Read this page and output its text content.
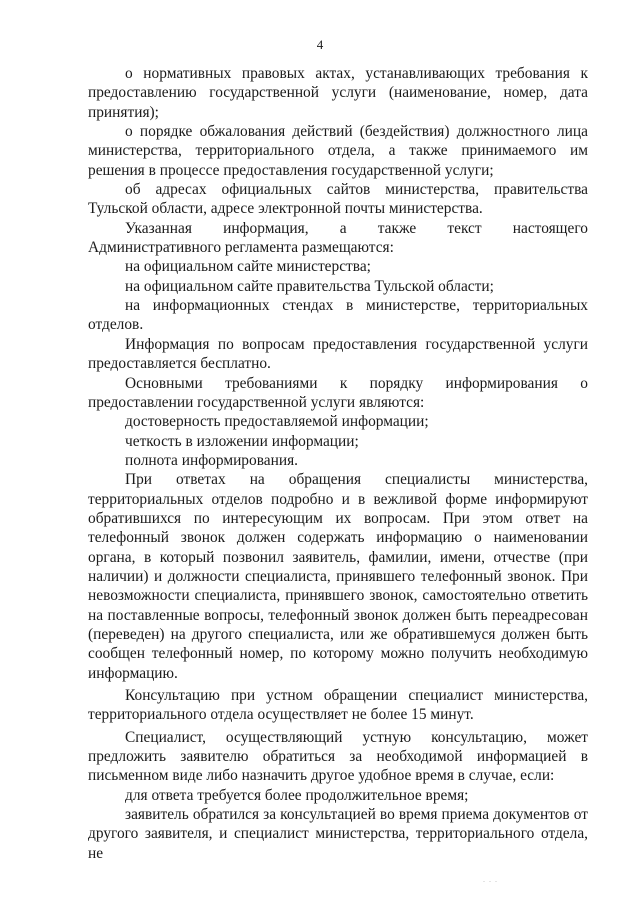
4

о нормативных правовых актах, устанавливающих требования к предоставлению государственной услуги (наименование, номер, дата принятия);

о порядке обжалования действий (бездействия) должностного лица министерства, территориального отдела, а также принимаемого им решения в процессе предоставления государственной услуги;

об адресах официальных сайтов министерства, правительства Тульской области, адресе электронной почты министерства.

Указанная информация, а также текст настоящего Административного регламента размещаются:

на официальном сайте министерства;

на официальном сайте правительства Тульской области;

на информационных стендах в министерстве, территориальных отделов.

Информация по вопросам предоставления государственной услуги предоставляется бесплатно.

Основными требованиями к порядку информирования о предоставлении государственной услуги являются:

достоверность предоставляемой информации;

четкость в изложении информации;

полнота информирования.

При ответах на обращения специалисты министерства, территориальных отделов подробно и в вежливой форме информируют обратившихся по интересующим их вопросам. При этом ответ на телефонный звонок должен содержать информацию о наименовании органа, в который позвонил заявитель, фамилии, имени, отчестве (при наличии) и должности специалиста, принявшего телефонный звонок. При невозможности специалиста, принявшего звонок, самостоятельно ответить на поставленные вопросы, телефонный звонок должен быть переадресован (переведен) на другого специалиста, или же обратившемуся должен быть сообщен телефонный номер, по которому можно получить необходимую информацию.

Консультацию при устном обращении специалист министерства, территориального отдела осуществляет не более 15 минут.

Специалист, осуществляющий устную консультацию, может предложить заявителю обратиться за необходимой информацией в письменном виде либо назначить другое удобное время в случае, если:

для ответа требуется более продолжительное время;

заявитель обратился за консультацией во время приема документов от другого заявителя, и специалист министерства, территориального отдела, не

. . .
